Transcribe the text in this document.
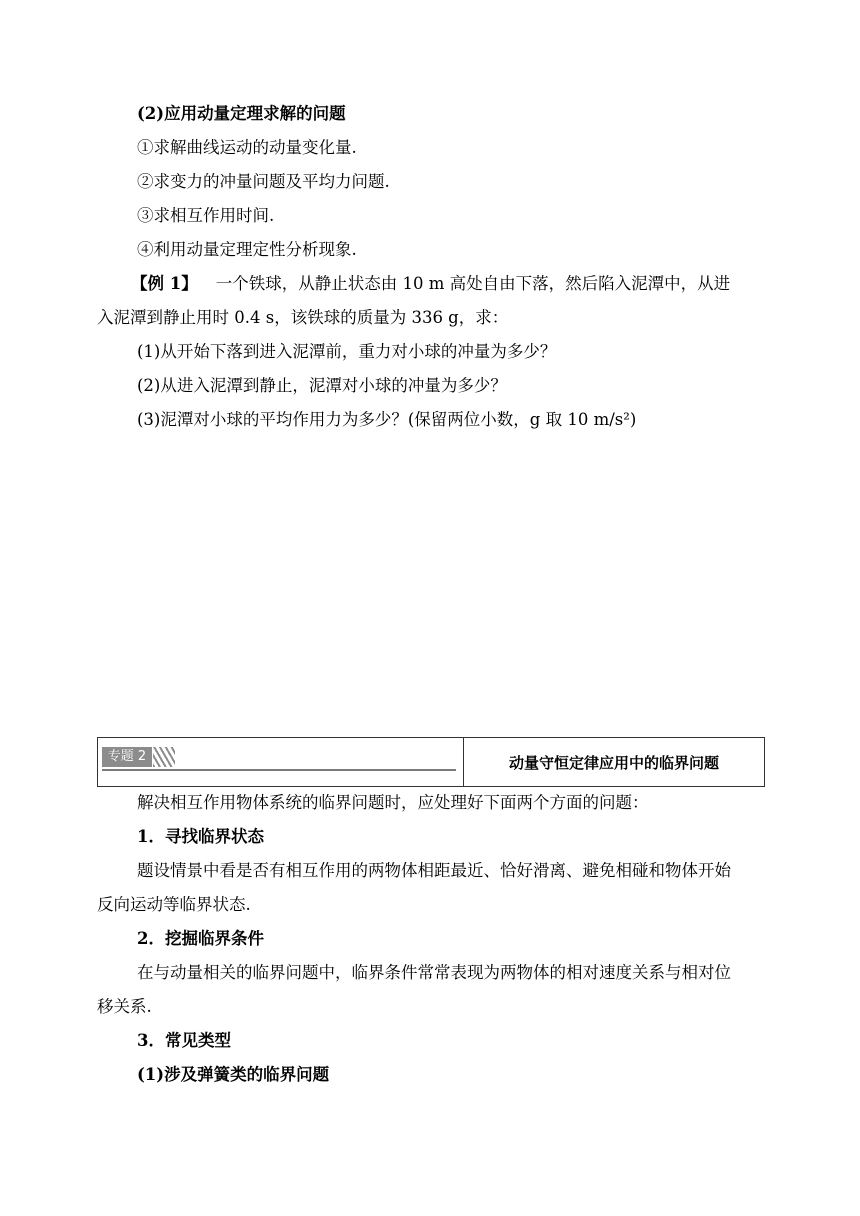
(2)应用动量定理求解的问题
①求解曲线运动的动量变化量.
②求变力的冲量问题及平均力问题.
③求相互作用时间.
④利用动量定理定性分析现象.
【例 1】 一个铁球，从静止状态由 10 m 高处自由下落，然后陷入泥潭中，从进
入泥潭到静止用时 0.4 s，该铁球的质量为 336 g，求：
(1)从开始下落到进入泥潭前，重力对小球的冲量为多少？
(2)从进入泥潭到静止，泥潭对小球的冲量为多少？
(3)泥潭对小球的平均作用力为多少？(保留两位小数，g 取 10 m/s²)
专题 2	动量守恒定律应用中的临界问题
解决相互作用物体系统的临界问题时，应处理好下面两个方面的问题：
1．寻找临界状态
题设情景中看是否有相互作用的两物体相距最近、恰好滑离、避免相碰和物体开始
反向运动等临界状态.
2．挖掘临界条件
在与动量相关的临界问题中，临界条件常常表现为两物体的相对速度关系与相对位
移关系.
3．常见类型
(1)涉及弹簧类的临界问题
